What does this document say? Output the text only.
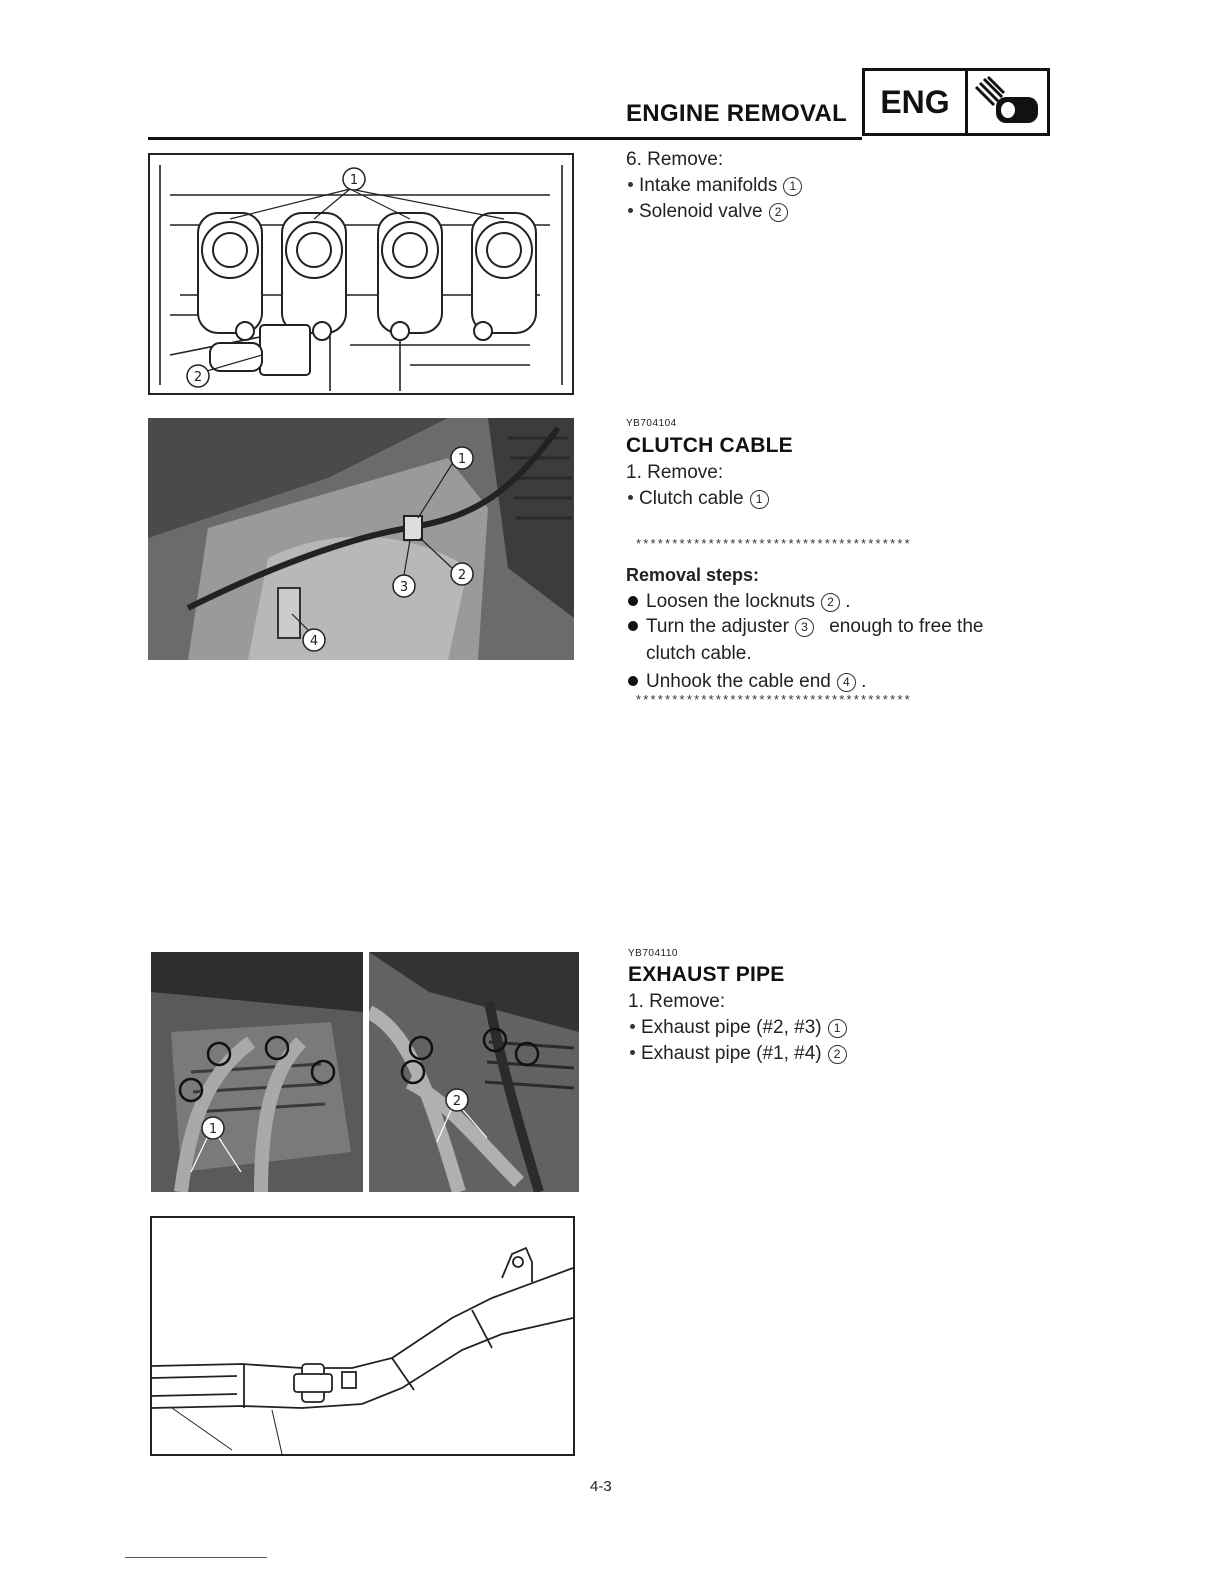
ENGINE REMOVAL	ENG
1
2
6. Remove:
Intake manifolds 1
Solenoid valve 2
1
2
3
4
YB704104
CLUTCH CABLE
1. Remove:
Clutch cable 1
**************************************
Removal steps:
Loosen the locknuts 2 .
Turn the adjuster 3 enough to free the
clutch cable.
Unhook the cable end 4 .
**************************************
1
2
YB704110
EXHAUST PIPE
1. Remove:
Exhaust pipe (#2, #3) 1
Exhaust pipe (#1, #4) 2
4-3
